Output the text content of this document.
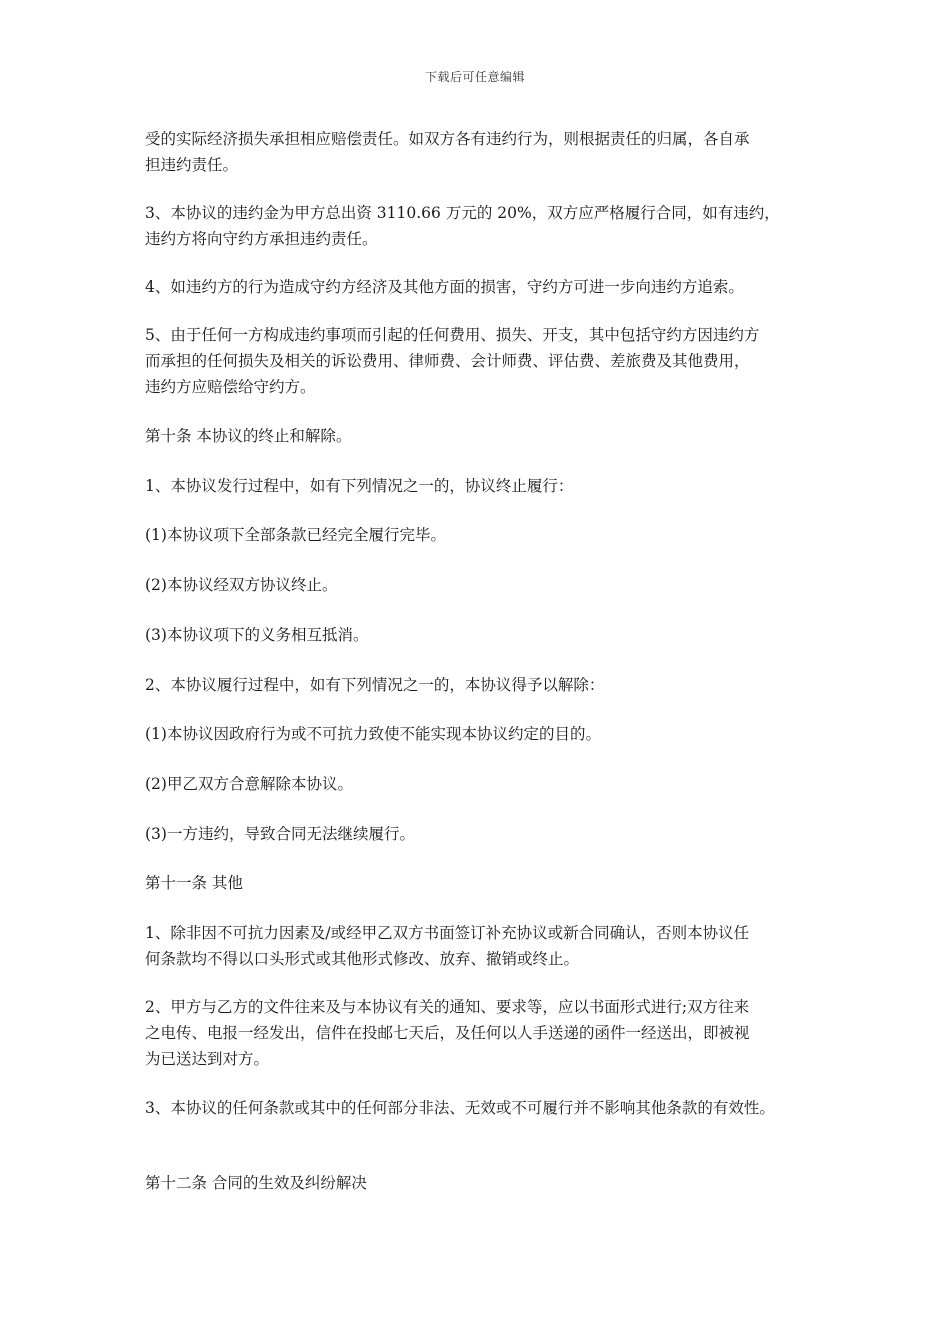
下载后可任意编辑
受的实际经济损失承担相应赔偿责任。如双方各有违约行为，则根据责任的归属，各自承
担违约责任。
3、本协议的违约金为甲方总出资 3110.66 万元的 20%，双方应严格履行合同，如有违约，
违约方将向守约方承担违约责任。
4、如违约方的行为造成守约方经济及其他方面的损害，守约方可进一步向违约方追索。
5、由于任何一方构成违约事项而引起的任何费用、损失、开支，其中包括守约方因违约方
而承担的任何损失及相关的诉讼费用、律师费、会计师费、评估费、差旅费及其他费用，
违约方应赔偿给守约方。
第十条 本协议的终止和解除。
1、本协议发行过程中，如有下列情况之一的，协议终止履行：
(1)本协议项下全部条款已经完全履行完毕。
(2)本协议经双方协议终止。
(3)本协议项下的义务相互抵消。
2、本协议履行过程中，如有下列情况之一的，本协议得予以解除：
(1)本协议因政府行为或不可抗力致使不能实现本协议约定的目的。
(2)甲乙双方合意解除本协议。
(3)一方违约，导致合同无法继续履行。
第十一条 其他
1、除非因不可抗力因素及/或经甲乙双方书面签订补充协议或新合同确认，否则本协议任
何条款均不得以口头形式或其他形式修改、放弃、撤销或终止。
2、甲方与乙方的文件往来及与本协议有关的通知、要求等，应以书面形式进行;双方往来
之电传、电报一经发出，信件在投邮七天后，及任何以人手送递的函件一经送出，即被视
为已送达到对方。
3、本协议的任何条款或其中的任何部分非法、无效或不可履行并不影响其他条款的有效性。
第十二条 合同的生效及纠纷解决
